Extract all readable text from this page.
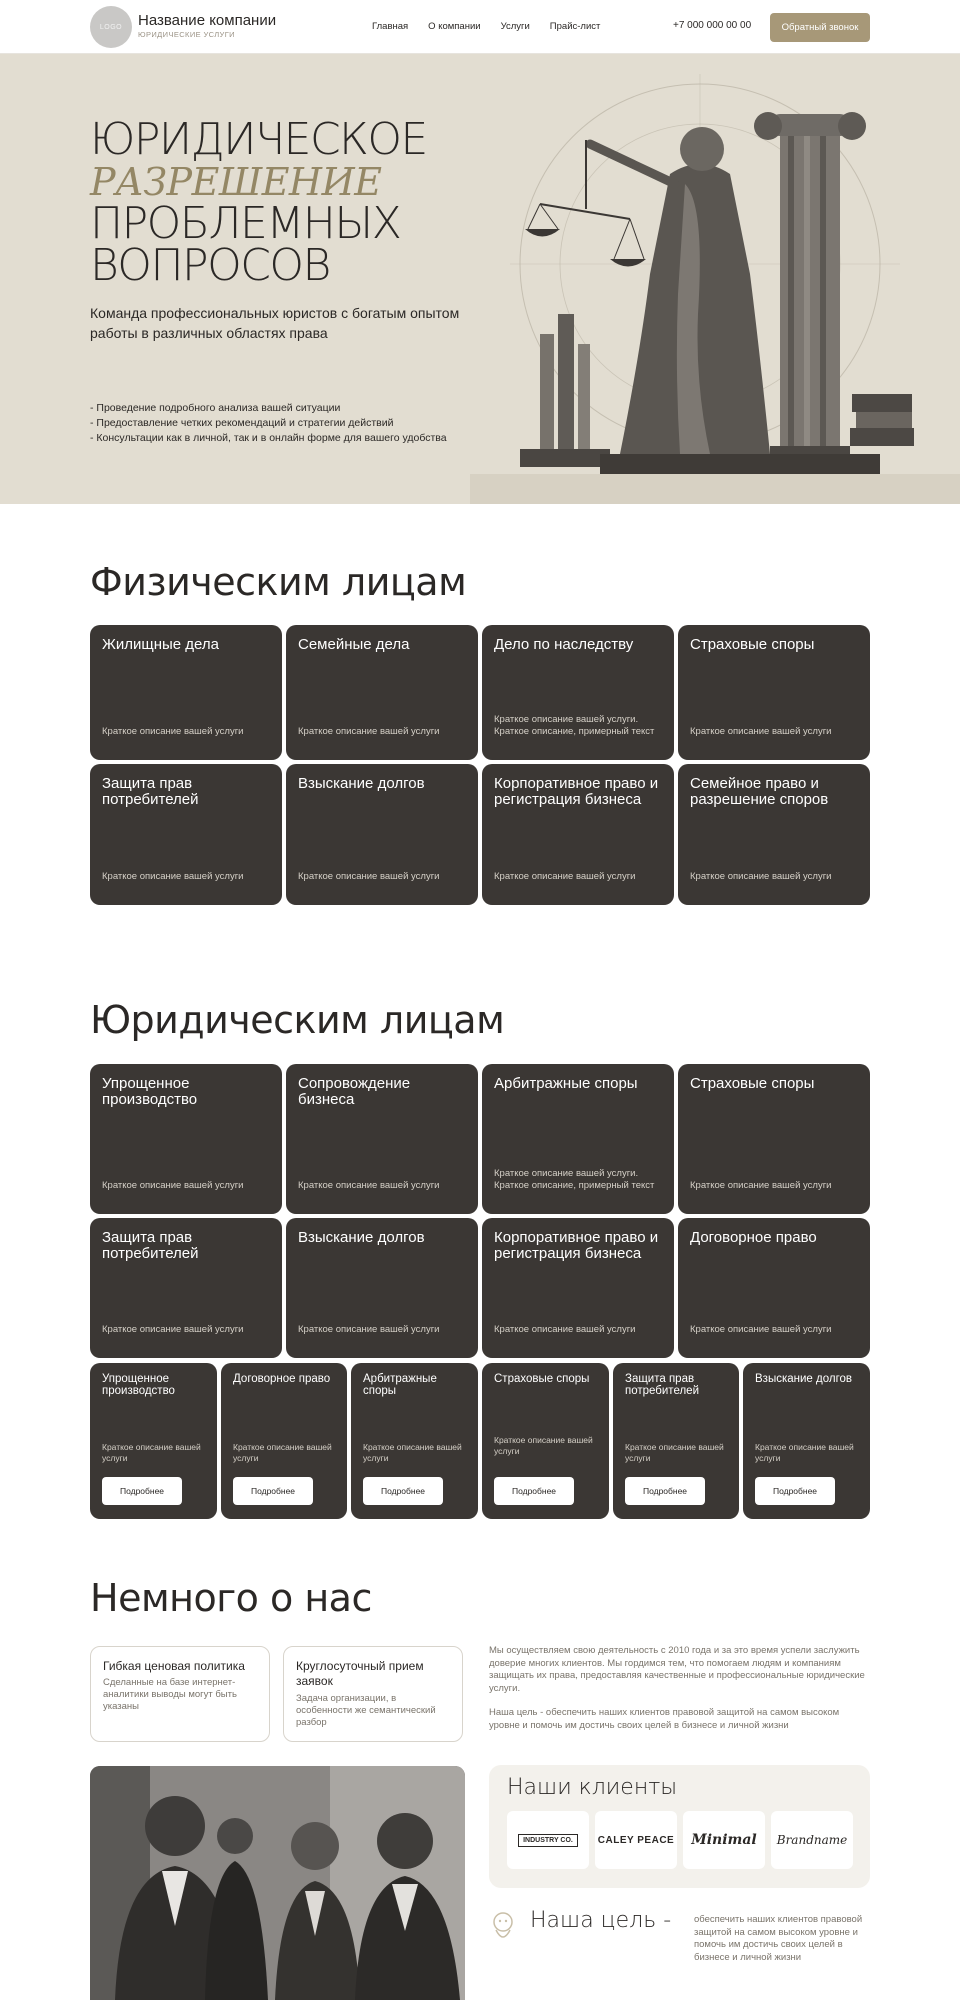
LOGO	Название компании
ЮРИДИЧЕСКИЕ УСЛУГИ
Главная О компании Услуги Прайс-лист	+7 000 000 00 00	Обратный звонок
ЮРИДИЧЕСКОЕ
РАЗРЕШЕНИЕ
ПРОБЛЕМНЫХ
ВОПРОСОВ
Команда профессиональных юристов с богатым опытом работы в различных областях права
- Проведение подробного анализа вашей ситуации
- Предоставление четких рекомендаций и стратегии действий
- Консультации как в личной, так и в онлайн форме для вашего удобства
Физическим лицам
Жилищные дела
Краткое описание вашей услуги
Семейные дела
Краткое описание вашей услуги
Дело по наследству
Краткое описание вашей услуги. Краткое описание, примерный текст
Страховые споры
Краткое описание вашей услуги
Защита прав потребителей
Краткое описание вашей услуги
Взыскание долгов
Краткое описание вашей услуги
Корпоративное право и регистрация бизнеса
Краткое описание вашей услуги
Семейное право и разрешение споров
Краткое описание вашей услуги
Юридическим лицам
Упрощенное производство
Краткое описание вашей услуги
Сопровождение бизнеса
Краткое описание вашей услуги
Арбитражные споры
Краткое описание вашей услуги. Краткое описание, примерный текст
Страховые споры
Краткое описание вашей услуги
Защита прав потребителей
Краткое описание вашей услуги
Взыскание долгов
Краткое описание вашей услуги
Корпоративное право и регистрация бизнеса
Краткое описание вашей услуги
Договорное право
Краткое описание вашей услуги
Упрощенное производство
Краткое описание вашей услуги
Подробнее
Договорное право
Краткое описание вашей услуги
Подробнее
Арбитражные споры
Краткое описание вашей услуги
Подробнее
Страховые споры
Краткое описание вашей услуги
Подробнее
Защита прав потребителей
Краткое описание вашей услуги
Подробнее
Взыскание долгов
Краткое описание вашей услуги
Подробнее
Немного о нас
Гибкая ценовая политика
Сделанные на базе интернет-аналитики выводы могут быть указаны
Круглосуточный прием заявок
Задача организации, в особенности же семантический разбор

Мы осуществляем свою деятельность с 2010 года и за это время успели заслужить доверие многих клиентов. Мы гордимся тем, что помогаем людям и компаниям защищать их права, предоставляя качественные и профессиональные юридические услуги.

Наша цель - обеспечить наших клиентов правовой защитой на самом высоком уровне и помочь им достичь своих целей в бизнесе и личной жизни

Наши клиенты
INDUSTRY CO.	CALEY PEACE Minimal Brandname
Наша цель - обеспечить наших клиентов правовой защитой на самом высоком уровне и помочь им достичь своих целей в бизнесе и личной жизни
